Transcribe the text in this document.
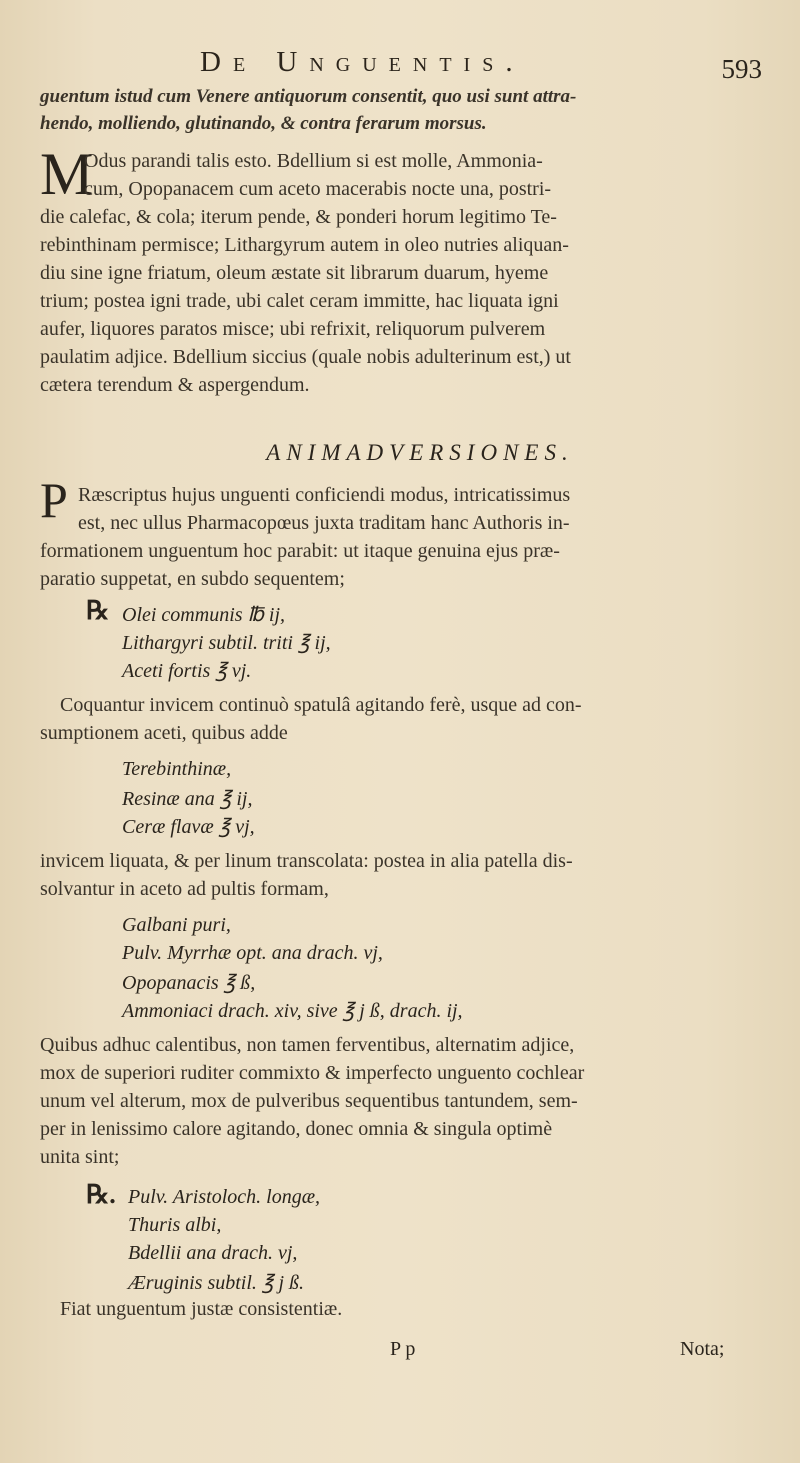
De Unguentis.	593
guentum istud cum Venere antiquorum consentit, quo usi sunt attra-
hendo, molliendo, glutinando, & contra ferarum morsus.
M
Odus parandi talis esto. Bdellium si est molle, Ammonia-
cum, Opopanacem cum aceto macerabis nocte una, postri-
die calefac, & cola; iterum pende, & ponderi horum legitimo Te-
rebinthinam permisce; Lithargyrum autem in oleo nutries aliquan-
diu sine igne friatum, oleum æstate sit librarum duarum, hyeme
trium; postea igni trade, ubi calet ceram immitte, hac liquata igni
aufer, liquores paratos misce; ubi refrixit, reliquorum pulverem
paulatim adjice. Bdellium siccius (quale nobis adulterinum est,) ut
cætera terendum & aspergendum.
ANIMADVERSIONES.
P Ræscriptus hujus unguenti conficiendi modus, intricatissimus
est, nec ullus Pharmacopœus juxta traditam hanc Authoris in-
formationem unguentum hoc parabit: ut itaque genuina ejus præ-
paratio suppetat, en subdo sequentem;
℞ Olei communis ℔ ij,
Lithargyri subtil. triti ℥ ij,
Aceti fortis ℥ vj.
Coquantur invicem continuò spatulâ agitando ferè, usque ad con-
sumptionem aceti, quibus adde
Terebinthinæ,
Resinæ ana ℥ ij,
Ceræ flavæ ℥ vj,
invicem liquata, & per linum transcolata: postea in alia patella dis-
solvantur in aceto ad pultis formam,
Galbani puri,
Pulv. Myrrhæ opt. ana drach. vj,
Opopanacis ℥ ß,
Ammoniaci drach. xiv, sive ℥ j ß, drach. ij,
Quibus adhuc calentibus, non tamen ferventibus, alternatim adjice,
mox de superiori ruditer commixto & imperfecto unguento cochlear
unum vel alterum, mox de pulveribus sequentibus tantundem, sem-
per in lenissimo calore agitando, donec omnia & singula optimè
unita sint;
℞. Pulv. Aristoloch. longæ,
Thuris albi,
Bdellii ana drach. vj,
Æruginis subtil. ℥ j ß.
Fiat unguentum justæ consistentiæ.
P p	Nota;
